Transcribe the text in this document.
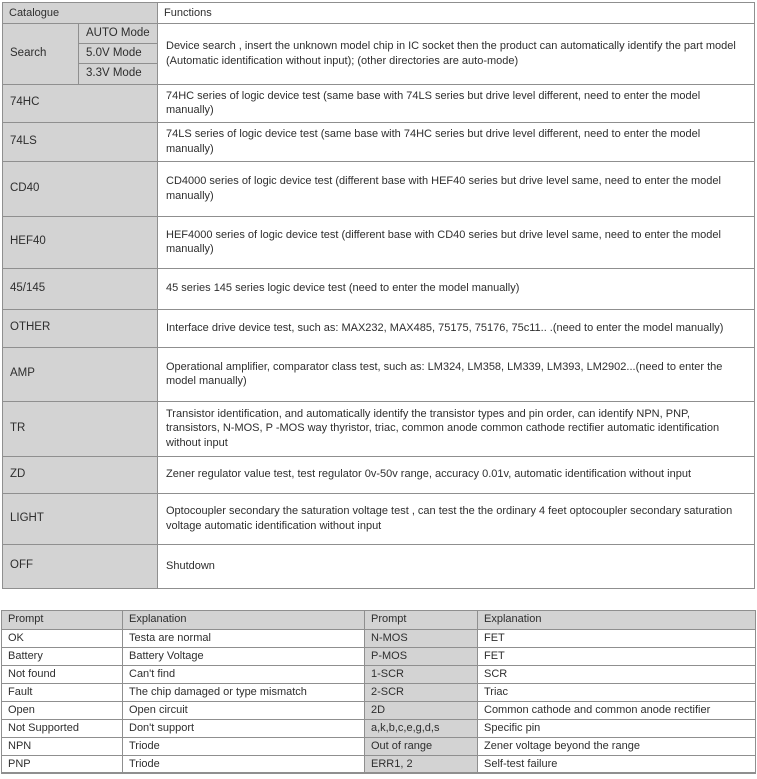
Catalogue		Functions
Search	AUTO Mode	Device search , insert the unknown model chip in IC socket then the product can automatically identify the part model (Automatic identification without input); (other directories are auto-mode)
	5.0V Mode	
	3.3V Mode	
74HC		74HC series of logic device test (same base with 74LS series but drive level different, need to enter the model manually)
74LS		74LS series of logic device test (same base with 74HC series but drive level different, need to enter the model manually)
CD40		CD4000 series of logic device test (different base with HEF40 series but drive level same, need to enter the model manually)
HEF40		HEF4000 series of logic device test (different base with CD40 series but drive level same, need to enter the model manually)
45/145		45 series 145 series logic device test (need to enter the model manually)
OTHER		Interface drive device test, such as: MAX232, MAX485, 75175, 75176, 75c11.. .(need to enter the model manually)
AMP		Operational amplifier, comparator class test, such as: LM324, LM358, LM339, LM393, LM2902...(need to enter the model manually)
TR		Transistor identification, and automatically identify the transistor types and pin order, can identify NPN, PNP, transistors, N-MOS, P -MOS way thyristor, triac, common anode common cathode rectifier automatic identification without input
ZD		Zener regulator value test, test regulator 0v-50v range, accuracy 0.01v, automatic identification without input
LIGHT		Optocoupler secondary the saturation voltage test , can test the the ordinary 4 feet optocoupler secondary saturation voltage automatic identification without input
OFF		Shutdown
Prompt	Explanation	Prompt	Explanation
OK	Testa are normal	N-MOS	FET
Battery	Battery Voltage	P-MOS	FET
Not found	Can't find	1-SCR	SCR
Fault	The chip damaged or type mismatch	2-SCR	Triac
Open	Open circuit	2D	Common cathode and common anode rectifier
Not Supported	Don't support	a,k,b,c,e,g,d,s	Specific pin
NPN	Triode	Out of range	Zener voltage beyond the range
PNP	Triode	ERR1, 2	Self-test failure
